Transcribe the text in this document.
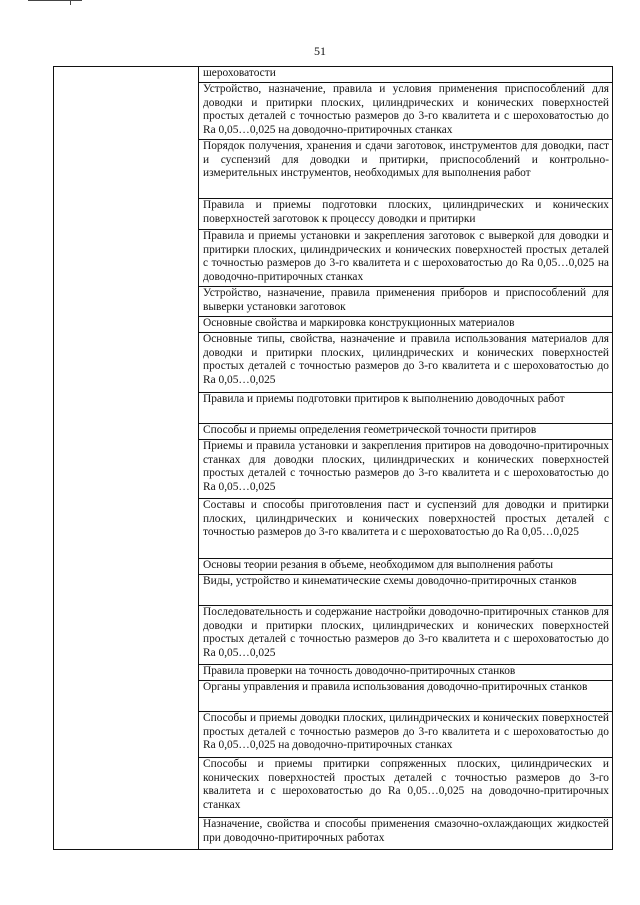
51
шероховатости
Устройство, назначение, правила и условия применения приспособлений для доводки и притирки плоских, цилиндрических и конических поверхностей простых деталей с точностью размеров до 3-го квалитета и с шероховатостью до Ra 0,05…0,025 на доводочно-притирочных станках
Порядок получения, хранения и сдачи заготовок, инструментов для доводки, паст и суспензий для доводки и притирки, приспособлений и контрольно-измерительных инструментов, необходимых для выполнения работ
Правила и приемы подготовки плоских, цилиндрических и конических поверхностей заготовок к процессу доводки и притирки
Правила и приемы установки и закрепления заготовок с выверкой для доводки и притирки плоских, цилиндрических и конических поверхностей простых деталей с точностью размеров до 3-го квалитета и с шероховатостью до Ra 0,05…0,025 на доводочно-притирочных станках
Устройство, назначение, правила применения приборов и приспособлений для выверки установки заготовок
Основные свойства и маркировка конструкционных материалов
Основные типы, свойства, назначение и правила использования материалов для доводки и притирки плоских, цилиндрических и конических поверхностей простых деталей с точностью размеров до 3-го квалитета и с шероховатостью до Ra 0,05…0,025
Правила и приемы подготовки притиров к выполнению доводочных работ
Способы и приемы определения геометрической точности притиров
Приемы и правила установки и закрепления притиров на доводочно-притирочных станках для доводки плоских, цилиндрических и конических поверхностей простых деталей с точностью размеров до 3-го квалитета и с шероховатостью до Ra 0,05…0,025
Составы и способы приготовления паст и суспензий для доводки и притирки плоских, цилиндрических и конических поверхностей простых деталей с точностью размеров до 3-го квалитета и с шероховатостью до Ra 0,05…0,025
Основы теории резания в объеме, необходимом для выполнения работы
Виды, устройство и кинематические схемы доводочно-притирочных станков
Последовательность и содержание настройки доводочно-притирочных станков для доводки и притирки плоских, цилиндрических и конических поверхностей простых деталей с точностью размеров до 3-го квалитета и с шероховатостью до Ra 0,05…0,025
Правила проверки на точность доводочно-притирочных станков
Органы управления и правила использования доводочно-притирочных станков
Способы и приемы доводки плоских, цилиндрических и конических поверхностей простых деталей с точностью размеров до 3-го квалитета и с шероховатостью до Ra 0,05…0,025 на доводочно-притирочных станках
Способы и приемы притирки сопряженных плоских, цилиндрических и конических поверхностей простых деталей с точностью размеров до 3-го квалитета и с шероховатостью до Ra 0,05…0,025 на доводочно-притирочных станках
Назначение, свойства и способы применения смазочно-охлаждающих жидкостей при доводочно-притирочных работах
